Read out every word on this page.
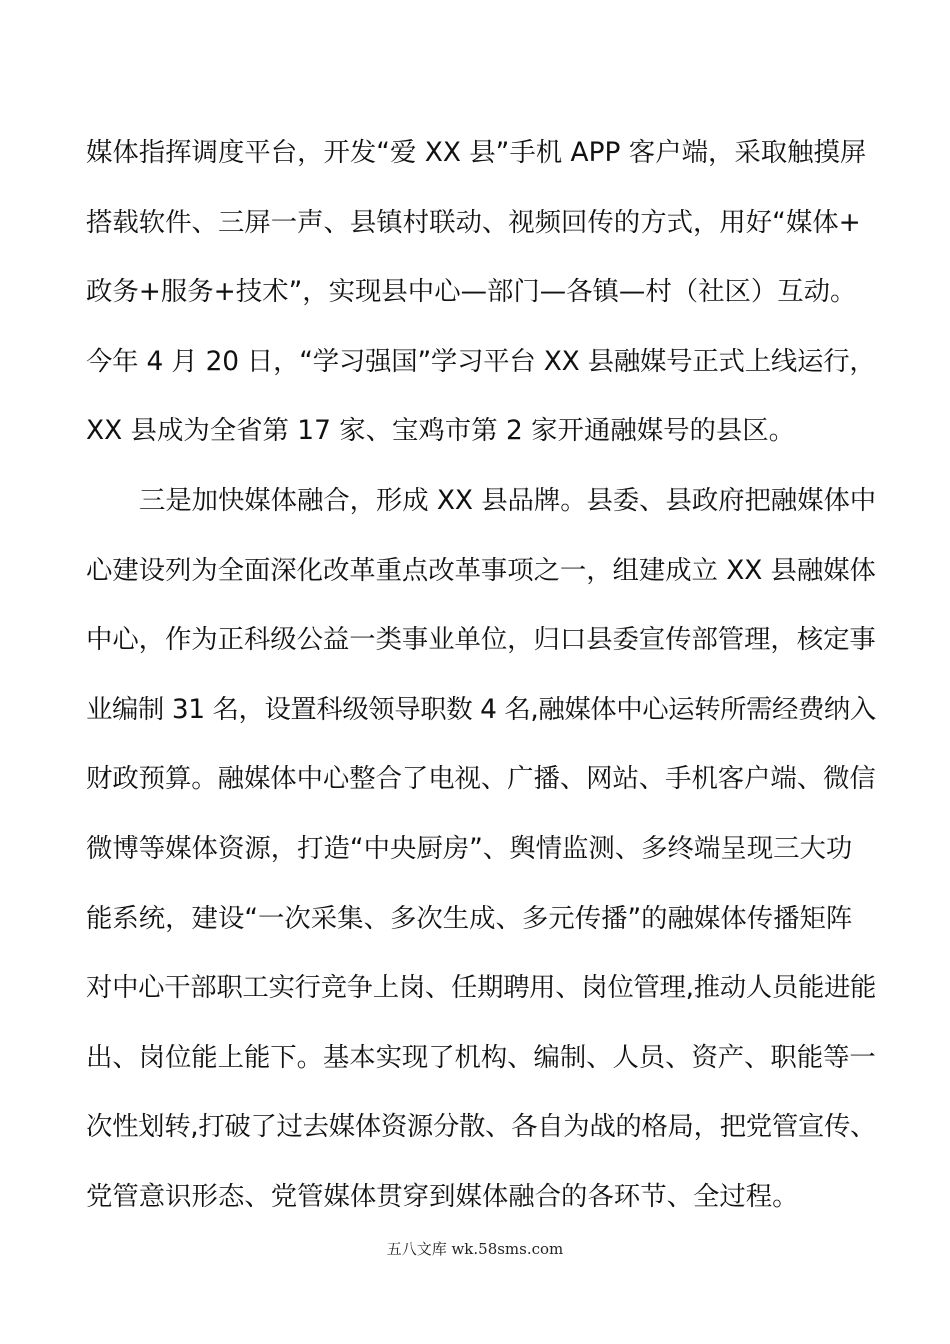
媒体指挥调度平台，开发“爱 XX 县”手机 APP 客户端，采取触摸屏
搭载软件、三屏一声、县镇村联动、视频回传的方式，用好“媒体+
政务+服务+技术”，实现县中心—部门—各镇—村（社区）互动。
今年 4 月 20 日，“学习强国”学习平台 XX 县融媒号正式上线运行，
XX 县成为全省第 17 家、宝鸡市第 2 家开通融媒号的县区。
三是加快媒体融合，形成 XX 县品牌。县委、县政府把融媒体中
心建设列为全面深化改革重点改革事项之一，组建成立 XX 县融媒体
中心，作为正科级公益一类事业单位，归口县委宣传部管理，核定事
业编制 31 名，设置科级领导职数 4 名,融媒体中心运转所需经费纳入
财政预算。融媒体中心整合了电视、广播、网站、手机客户端、微信
微博等媒体资源，打造“中央厨房”、舆情监测、多终端呈现三大功
能系统，建设“一次采集、多次生成、多元传播”的融媒体传播矩阵
对中心干部职工实行竞争上岗、任期聘用、岗位管理,推动人员能进能
出、岗位能上能下。基本实现了机构、编制、人员、资产、职能等一
次性划转,打破了过去媒体资源分散、各自为战的格局，把党管宣传、
党管意识形态、党管媒体贯穿到媒体融合的各环节、全过程。
五八文库 wk.58sms.com
